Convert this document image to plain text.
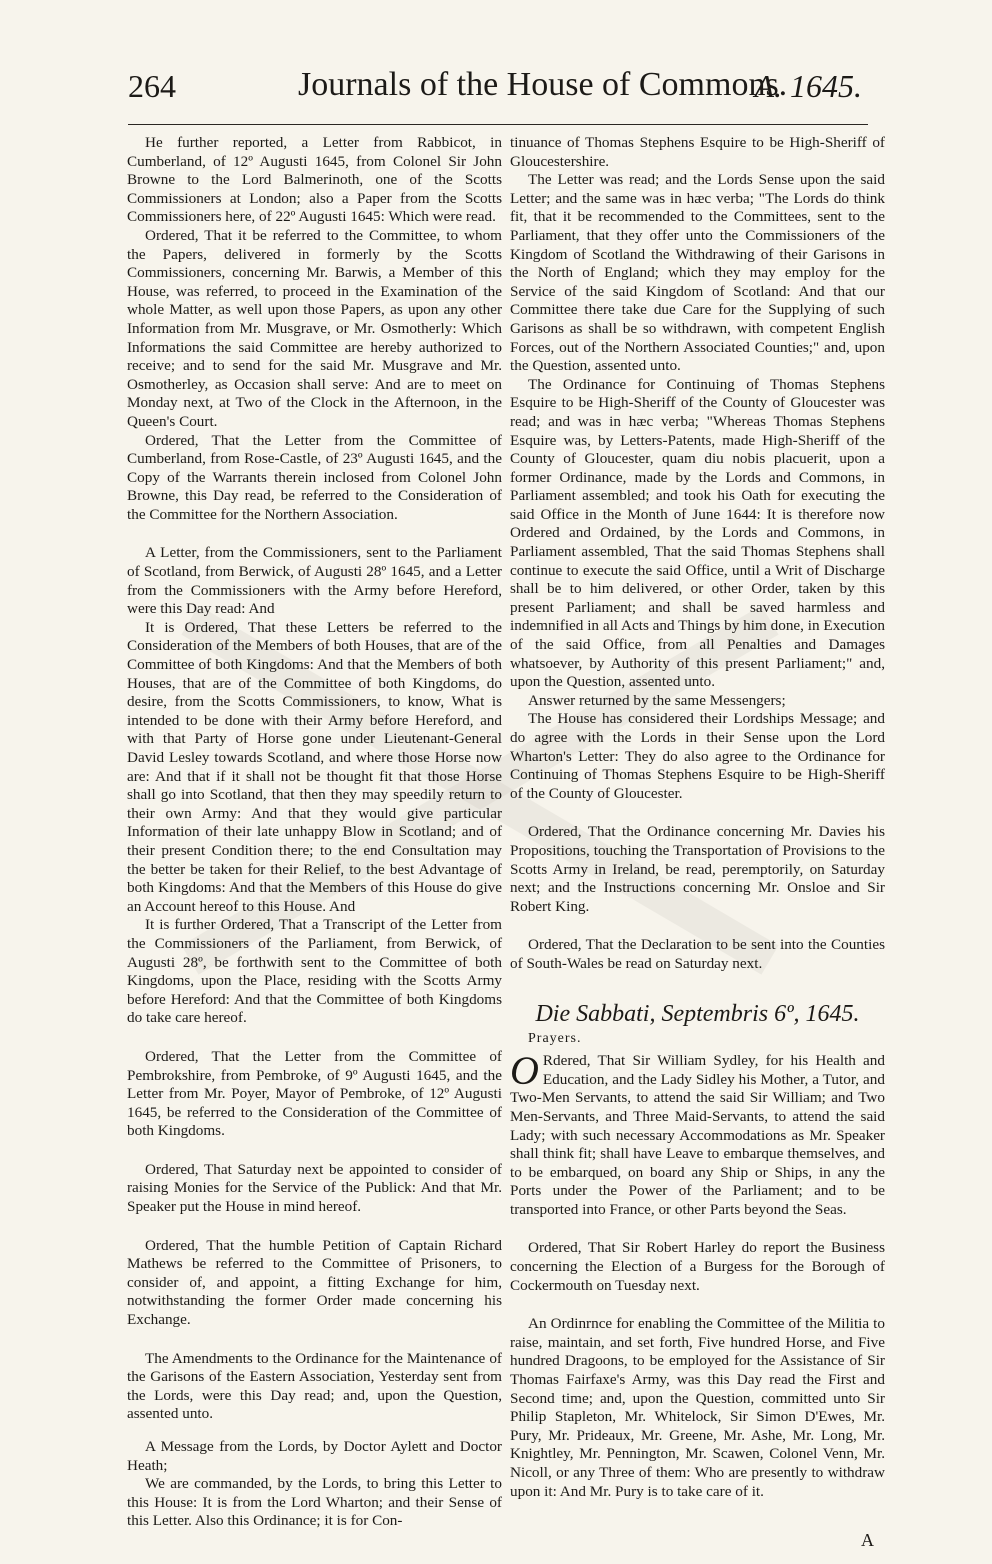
264	Journals of the House of Commons.
A. 1645.

He further reported, a Letter from Rabbicot, in Cumberland, of 12º Augusti 1645, from Colonel Sir John Browne to the Lord Balmerinoth, one of the Scotts Commissioners at London; also a Paper from the Scotts Commissioners here, of 22º Augusti 1645: Which were read.

Ordered, That it be referred to the Committee, to whom the Papers, delivered in formerly by the Scotts Commissioners, concerning Mr. Barwis, a Member of this House, was referred, to proceed in the Examination of the whole Matter, as well upon those Papers, as upon any other Information from Mr. Musgrave, or Mr. Osmotherly: Which Informations the said Committee are hereby authorized to receive; and to send for the said Mr. Musgrave and Mr. Osmotherley, as Occasion shall serve: And are to meet on Monday next, at Two of the Clock in the Afternoon, in the Queen's Court.

Ordered, That the Letter from the Committee of Cumberland, from Rose-Castle, of 23º Augusti 1645, and the Copy of the Warrants therein inclosed from Colonel John Browne, this Day read, be referred to the Consideration of the Committee for the Northern Association.

A Letter, from the Commissioners, sent to the Parliament of Scotland, from Berwick, of Augusti 28º 1645, and a Letter from the Commissioners with the Army before Hereford, were this Day read: And

It is Ordered, That these Letters be referred to the Consideration of the Members of both Houses, that are of the Committee of both Kingdoms: And that the Members of both Houses, that are of the Committee of both Kingdoms, do desire, from the Scotts Commissioners, to know, What is intended to be done with their Army before Hereford, and with that Party of Horse gone under Lieutenant-General David Lesley towards Scotland, and where those Horse now are: And that if it shall not be thought fit that those Horse shall go into Scotland, that then they may speedily return to their own Army: And that they would give particular Information of their late unhappy Blow in Scotland; and of their present Condition there; to the end Consultation may the better be taken for their Relief, to the best Advantage of both Kingdoms: And that the Members of this House do give an Account hereof to this House. And

It is further Ordered, That a Transcript of the Letter from the Commissioners of the Parliament, from Berwick, of Augusti 28º, be forthwith sent to the Committee of both Kingdoms, upon the Place, residing with the Scotts Army before Hereford: And that the Committee of both Kingdoms do take care hereof.

Ordered, That the Letter from the Committee of Pembrokshire, from Pembroke, of 9º Augusti 1645, and the Letter from Mr. Poyer, Mayor of Pembroke, of 12º Augusti 1645, be referred to the Consideration of the Committee of both Kingdoms.

Ordered, That Saturday next be appointed to consider of raising Monies for the Service of the Publick: And that Mr. Speaker put the House in mind hereof.

Ordered, That the humble Petition of Captain Richard Mathews be referred to the Committee of Prisoners, to consider of, and appoint, a fitting Exchange for him, notwithstanding the former Order made concerning his Exchange.

The Amendments to the Ordinance for the Maintenance of the Garisons of the Eastern Association, Yesterday sent from the Lords, were this Day read; and, upon the Question, assented unto.

A Message from the Lords, by Doctor Aylett and Doctor Heath;

We are commanded, by the Lords, to bring this Letter to this House: It is from the Lord Wharton; and their Sense of this Letter. Also this Ordinance; it is for Con-

tinuance of Thomas Stephens Esquire to be High-Sheriff of Gloucestershire.

The Letter was read; and the Lords Sense upon the said Letter; and the same was in hæc verba; "The Lords do think fit, that it be recommended to the Committees, sent to the Parliament, that they offer unto the Commissioners of the Kingdom of Scotland the Withdrawing of their Garisons in the North of England; which they may employ for the Service of the said Kingdom of Scotland: And that our Committee there take due Care for the Supplying of such Garisons as shall be so withdrawn, with competent English Forces, out of the Northern Associated Counties;" and, upon the Question, assented unto.

The Ordinance for Continuing of Thomas Stephens Esquire to be High-Sheriff of the County of Gloucester was read; and was in hæc verba; "Whereas Thomas Stephens Esquire was, by Letters-Patents, made High-Sheriff of the County of Gloucester, quam diu nobis placuerit, upon a former Ordinance, made by the Lords and Commons, in Parliament assembled; and took his Oath for executing the said Office in the Month of June 1644: It is therefore now Ordered and Ordained, by the Lords and Commons, in Parliament assembled, That the said Thomas Stephens shall continue to execute the said Office, until a Writ of Discharge shall be to him delivered, or other Order, taken by this present Parliament; and shall be saved harmless and indemnified in all Acts and Things by him done, in Execution of the said Office, from all Penalties and Damages whatsoever, by Authority of this present Parliament;" and, upon the Question, assented unto.

Answer returned by the same Messengers;

The House has considered their Lordships Message; and do agree with the Lords in their Sense upon the Lord Wharton's Letter: They do also agree to the Ordinance for Continuing of Thomas Stephens Esquire to be High-Sheriff of the County of Gloucester.

Ordered, That the Ordinance concerning Mr. Davies his Propositions, touching the Transportation of Provisions to the Scotts Army in Ireland, be read, peremptorily, on Saturday next; and the Instructions concerning Mr. Onsloe and Sir Robert King.

Ordered, That the Declaration to be sent into the Counties of South-Wales be read on Saturday next.

Die Sabbati, Septembris 6º, 1645.
Prayers.

O Rdered, That Sir William Sydley, for his Health and Education, and the Lady Sidley his Mother, a Tutor, and Two-Men Servants, to attend the said Sir William; and Two Men-Servants, and Three Maid-Servants, to attend the said Lady; with such necessary Accommodations as Mr. Speaker shall think fit; shall have Leave to embarque themselves, and to be embarqued, on board any Ship or Ships, in any the Ports under the Power of the Parliament; and to be transported into France, or other Parts beyond the Seas.

Ordered, That Sir Robert Harley do report the Business concerning the Election of a Burgess for the Borough of Cockermouth on Tuesday next.

An Ordinrnce for enabling the Committee of the Militia to raise, maintain, and set forth, Five hundred Horse, and Five hundred Dragoons, to be employed for the Assistance of Sir Thomas Fairfaxe's Army, was this Day read the First and Second time; and, upon the Question, committed unto Sir Philip Stapleton, Mr. Whitelock, Sir Simon D'Ewes, Mr. Pury, Mr. Prideaux, Mr. Greene, Mr. Ashe, Mr. Long, Mr. Knightley, Mr. Pennington, Mr. Scawen, Colonel Venn, Mr. Nicoll, or any Three of them: Who are presently to withdraw upon it: And Mr. Pury is to take care of it.

A
